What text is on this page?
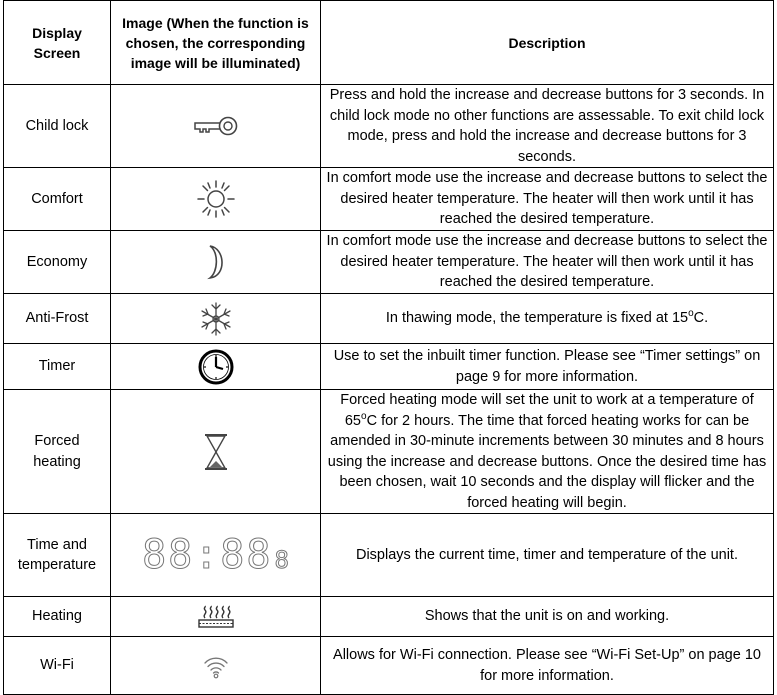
Display Screen	Image (When the function is chosen, the corresponding image will be illuminated)	Description
Child lock		Press and hold the increase and decrease buttons for 3 seconds. In child lock mode no other functions are assessable. To exit child lock mode, press and hold the increase and decrease buttons for 3 seconds.
Comfort		In comfort mode use the increase and decrease buttons to select the desired heater temperature. The heater will then work until it has reached the desired temperature.
Economy		In comfort mode use the increase and decrease buttons to select the desired heater temperature. The heater will then work until it has reached the desired temperature.
Anti-Frost		In thawing mode, the temperature is fixed at 15$^o$C.
Timer		Use to set the inbuilt timer function. Please see “Timer settings” on page 9 for more information.
Forced heating		Forced heating mode will set the unit to work at a temperature of 65$^o$C for 2 hours. The time that forced heating works for can be amended in 30-minute increments between 30 minutes and 8 hours using the increase and decrease buttons. Once the desired time has been chosen, wait 10 seconds and the display will flicker and the forced heating will begin.
Time and temperature	88:888	Displays the current time, timer and temperature of the unit.
Heating		Shows that the unit is on and working.
Wi-Fi		Allows for Wi-Fi connection. Please see “Wi-Fi Set-Up” on page 10 for more information.
